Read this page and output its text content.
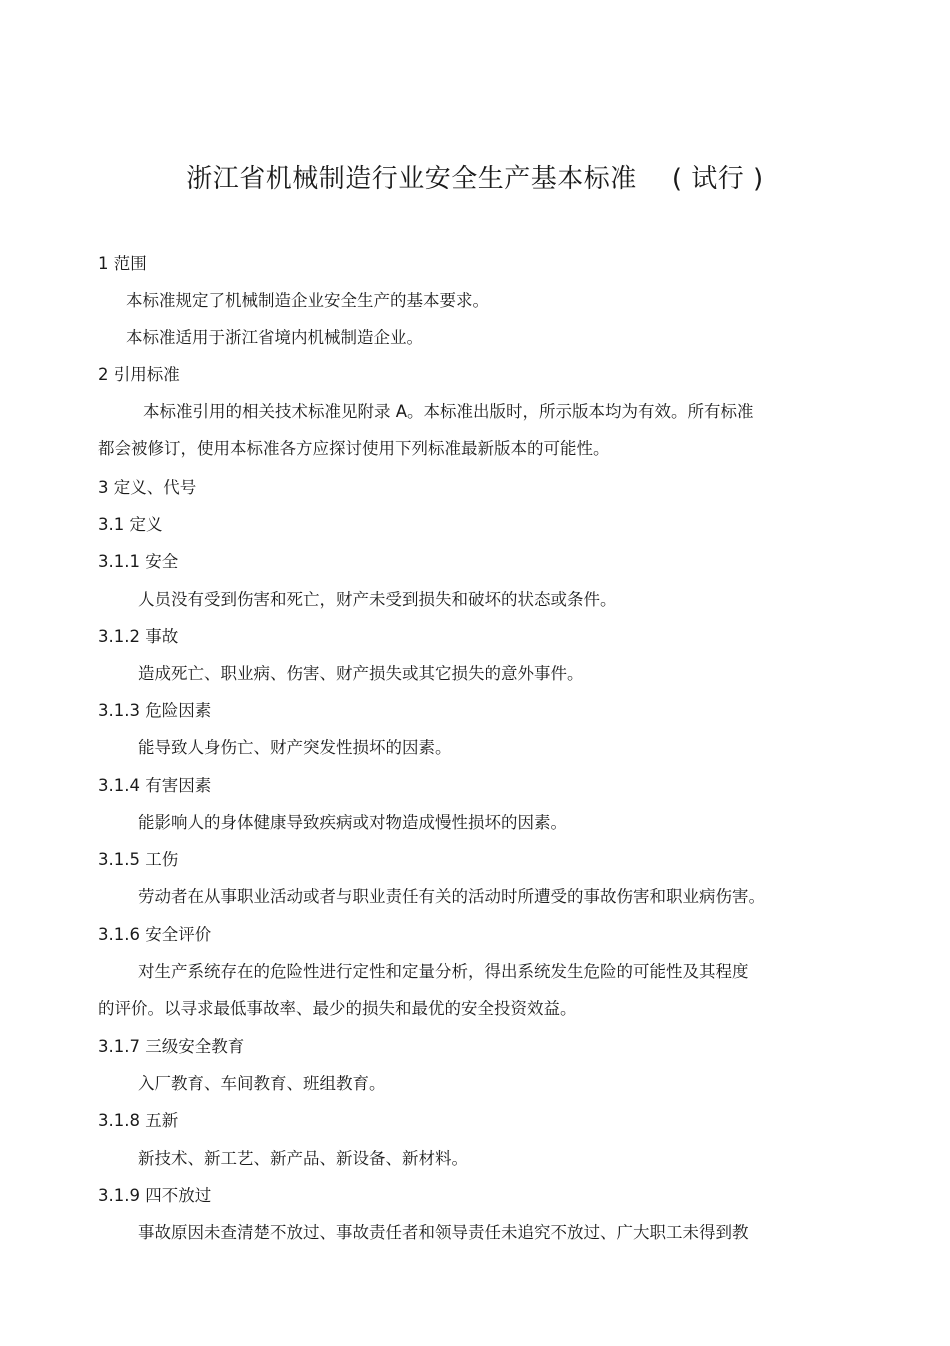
浙江省机械制造行业安全生产基本标准    ( 试行 )
1 范围
本标准规定了机械制造企业安全生产的基本要求。
本标准适用于浙江省境内机械制造企业。
2 引用标准
本标准引用的相关技术标准见附录 A。本标准出版时，所示版本均为有效。所有标准
都会被修订，使用本标准各方应探讨使用下列标准最新版本的可能性。
3 定义、代号
3.1 定义
3.1.1 安全
人员没有受到伤害和死亡，财产未受到损失和破坏的状态或条件。
3.1.2 事故
造成死亡、职业病、伤害、财产损失或其它损失的意外事件。
3.1.3 危险因素
能导致人身伤亡、财产突发性损坏的因素。
3.1.4 有害因素
能影响人的身体健康导致疾病或对物造成慢性损坏的因素。
3.1.5 工伤
劳动者在从事职业活动或者与职业责任有关的活动时所遭受的事故伤害和职业病伤害。
3.1.6 安全评价
对生产系统存在的危险性进行定性和定量分析，得出系统发生危险的可能性及其程度
的评价。以寻求最低事故率、最少的损失和最优的安全投资效益。
3.1.7 三级安全教育
入厂教育、车间教育、班组教育。
3.1.8 五新
新技术、新工艺、新产品、新设备、新材料。
3.1.9 四不放过
事故原因未查清楚不放过、事故责任者和领导责任未追究不放过、广大职工未得到教
